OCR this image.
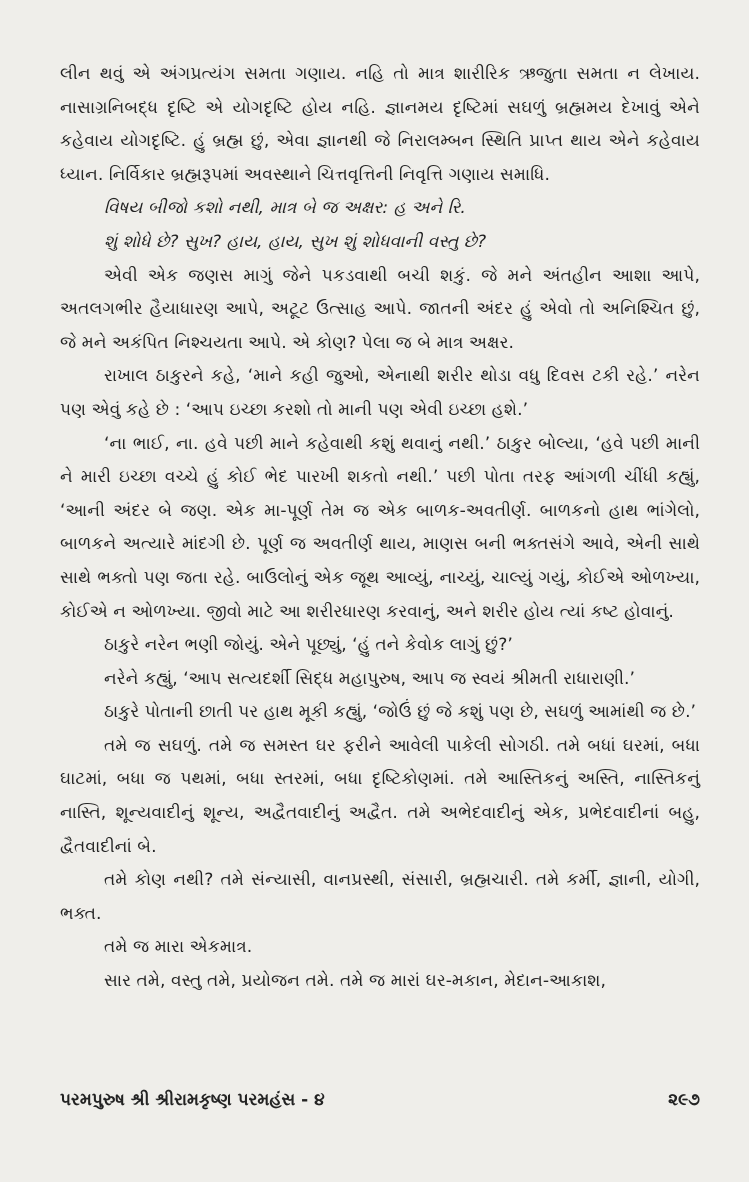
લીન થવું એ અંગપ્રત્યંગ સમતા ગણાય. નહિ તો માત્ર શારીરિક ઋજુતા સમતા ન લેખાય. નાસાગ્રનિબદ્ધ દૃષ્ટિ એ યોગદૃષ્ટિ હોય નહિ. જ્ઞાનમય દૃષ્ટિમાં સઘળું બ્રહ્મમય દેખાવું એને કહેવાય યોગદૃષ્ટિ. હું બ્રહ્મ છું, એવા જ્ઞાનથી જે નિરાલમ્બન સ્થિતિ પ્રાપ્ત થાય એને કહેવાય ધ્યાન. નિર્વિકાર બ્રહ્મરૂપમાં અવસ્થાને ચિત્તવૃત્તિની નિવૃત્તિ ગણાય સમાધિ.

વિષય બીજો કશો નથી, માત્ર બે જ અક્ષર: હ અને રિ.

શું શોધે છે? સુખ? હાય, હાય, સુખ શું શોધવાની વસ્તુ છે?

એવી એક જણસ માગું જેને પકડવાથી બચી શકું. જે મને અંતહીન આશા આપે, અતલગભીર હૈયાધારણ આપે, અટૂટ ઉત્સાહ આપે. જાતની અંદર હું એવો તો અનિશ્ચિત છું, જે મને અકંપિત નિશ્ચયતા આપે. એ કોણ? પેલા જ બે માત્ર અક્ષર.

રાખાલ ઠાકુરને કહે, ‘માને કહી જુઓ, એનાથી શરીર થોડા વધુ દિવસ ટકી રહે.’ નરેન પણ એવું કહે છે : ‘આપ ઇચ્છા કરશો તો માની પણ એવી ઇચ્છા હશે.’

‘ના ભાઈ, ના. હવે પછી માને કહેવાથી કશું થવાનું નથી.’ ઠાકુર બોલ્યા, ‘હવે પછી માની ને મારી ઇચ્છા વચ્ચે હું કોઈ ભેદ પારખી શકતો નથી.’ પછી પોતા તરફ આંગળી ચીંધી કહ્યું, ‘આની અંદર બે જણ. એક મા-પૂર્ણ તેમ જ એક બાળક-અવતીર્ણ. બાળકનો હાથ ભાંગેલો, બાળકને અત્યારે માંદગી છે. પૂર્ણ જ અવતીર્ણ થાય, માણસ બની ભક્તસંગે આવે, એની સાથે સાથે ભક્તો પણ જતા રહે. બાઉલોનું એક જૂથ આવ્યું, નાચ્યું, ચાલ્યું ગયું, કોઈએ ઓળખ્યા, કોઈએ ન ઓળખ્યા. જીવો માટે આ શરીરધારણ કરવાનું, અને શરીર હોય ત્યાં કષ્ટ હોવાનું.

ઠાકુરે નરેન ભણી જોયું. એને પૂછ્યું, ‘હું તને કેવોક લાગું છું?’

નરેને કહ્યું, ‘આપ સત્યદર્શી સિદ્ધ મહાપુરુષ, આપ જ સ્વયં શ્રીમતી રાધારાણી.’

ઠાકુરે પોતાની છાતી પર હાથ મૂકી કહ્યું, ‘જોઉં છું જે કશું પણ છે, સઘળું આમાંથી જ છે.’

તમે જ સઘળું. તમે જ સમસ્ત ઘર ફરીને આવેલી પાકેલી સોગઠી. તમે બધાં ઘરમાં, બધા ઘાટમાં, બધા જ પથમાં, બધા સ્તરમાં, બધા દૃષ્ટિકોણમાં. તમે આસ્તિકનું અસ્તિ, નાસ્તિકનું નાસ્તિ, શૂન્યવાદીનું શૂન્ય, અદ્વૈતવાદીનું અદ્વૈત. તમે અભેદવાદીનું એક, પ્રભેદવાદીનાં બહુ, દ્વૈતવાદીનાં બે.

તમે કોણ નથી? તમે સંન્યાસી, વાનપ્રસ્થી, સંસારી, બ્રહ્મચારી. તમે કર્મી, જ્ઞાની, યોગી, ભક્ત.

તમે જ મારા એકમાત્ર.

સાર તમે, વસ્તુ તમે, પ્રયોજન તમે. તમે જ મારાં ઘર-મકાન, મેદાન-આકાશ,

પરમપુરુષ શ્રી શ્રીરામકૃષ્ણ પરમહંસ - ૪	૨૯૭
